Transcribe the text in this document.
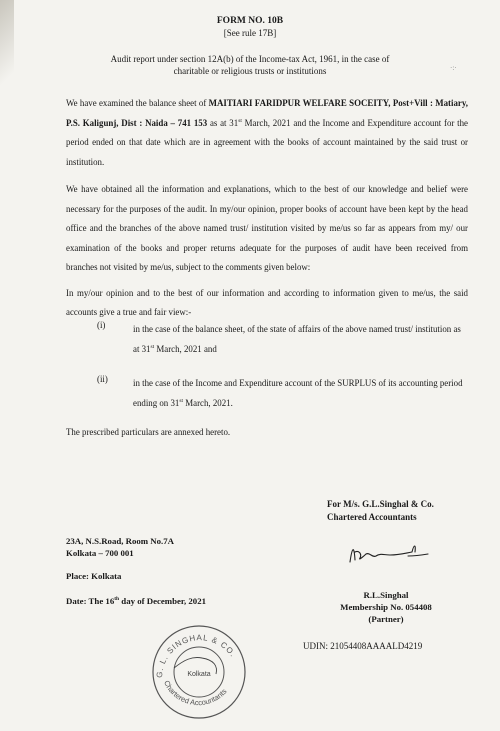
FORM NO. 10B
[See rule 17B]
Audit report under section 12A(b) of the Income-tax Act, 1961, in the case of charitable or religious trusts or institutions	·:·
We have examined the balance sheet of MAITIARI FARIDPUR WELFARE SOCEITY, Post+Vill : Matiary, P.S. Kaligunj, Dist : Naida – 741 153 as at 31st March, 2021 and the Income and Expenditure account for the period ended on that date which are in agreement with the books of account maintained by the said trust or institution.
We have obtained all the information and explanations, which to the best of our knowledge and belief were necessary for the purposes of the audit. In my/our opinion, proper books of account have been kept by the head office and the branches of the above named trust/ institution visited by me/us so far as appears from my/ our examination of the books and proper returns adequate for the purposes of audit have been received from branches not visited by me/us, subject to the comments given below:
In my/our opinion and to the best of our information and according to information given to me/us, the said accounts give a true and fair view:-
(i)	in the case of the balance sheet, of the state of affairs of the above named trust/ institution as at 31st March, 2021 and
(ii)	in the case of the Income and Expenditure account of the SURPLUS of its accounting period ending on 31st March, 2021.
The prescribed particulars are annexed hereto.
For M/s. G.L.Singhal & Co.
Chartered Accountants
23A, N.S.Road, Room No.7A
Kolkata – 700 001
Place: Kolkata
Date: The 16th day of December, 2021
R.L.Singhal
Membership No. 054408
(Partner)
UDIN: 21054408AAAALD4219
G. L. SINGHAL & CO.
Chartered Accountants
Kolkata
